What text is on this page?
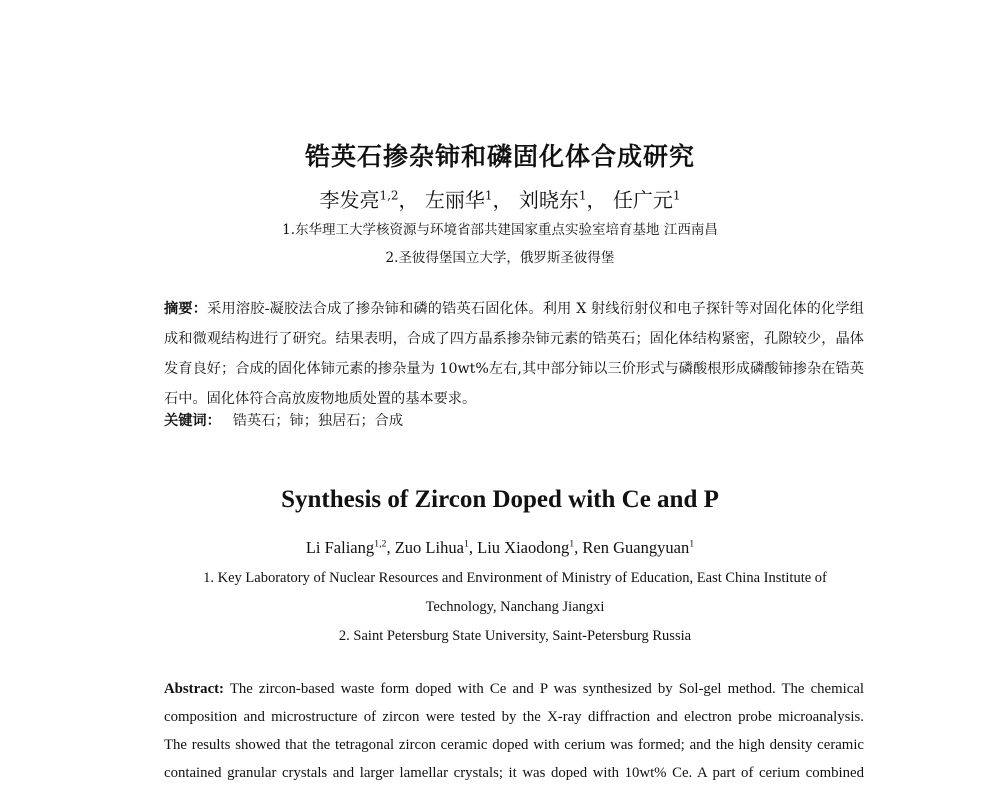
锆英石掺杂铈和磷固化体合成研究
李发亮$^{1,2}$， 左丽华$^1$， 刘晓东$^1$， 任广元$^1$
1.东华理工大学核资源与环境省部共建国家重点实验室培育基地 江西南昌
2.圣彼得堡国立大学，俄罗斯圣彼得堡
摘要：采用溶胶-凝胶法合成了掺杂铈和磷的锆英石固化体。利用 X 射线衍射仪和电子探针等对固化体的化学组成和微观结构进行了研究。结果表明，合成了四方晶系掺杂铈元素的锆英石；固化体结构紧密，孔隙较少，晶体发育良好；合成的固化体铈元素的掺杂量为 10wt%左右,其中部分铈以三价形式与磷酸根形成磷酸铈掺杂在锆英石中。固化体符合高放废物地质处置的基本要求。
关键词： 锆英石；铈；独居石；合成
Synthesis of Zircon Doped with Ce and P
Li Faliang$^{1,2}$, Zuo Lihua$^1$, Liu Xiaodong$^1$, Ren Guangyuan$^1$
1. Key Laboratory of Nuclear Resources and Environment of Ministry of Education, East China Institute of
Technology, Nanchang Jiangxi
2. Saint Petersburg State University, Saint-Petersburg Russia
Abstract: The zircon-based waste form doped with Ce and P was synthesized by Sol-gel method. The chemical
composition and microstructure of zircon were tested by the X-ray diffraction and electron probe microanalysis.
The results showed that the tetragonal zircon ceramic doped with cerium was formed; and the high density ceramic
contained granular crystals and larger lamellar crystals; it was doped with 10wt% Ce. A part of cerium combined
